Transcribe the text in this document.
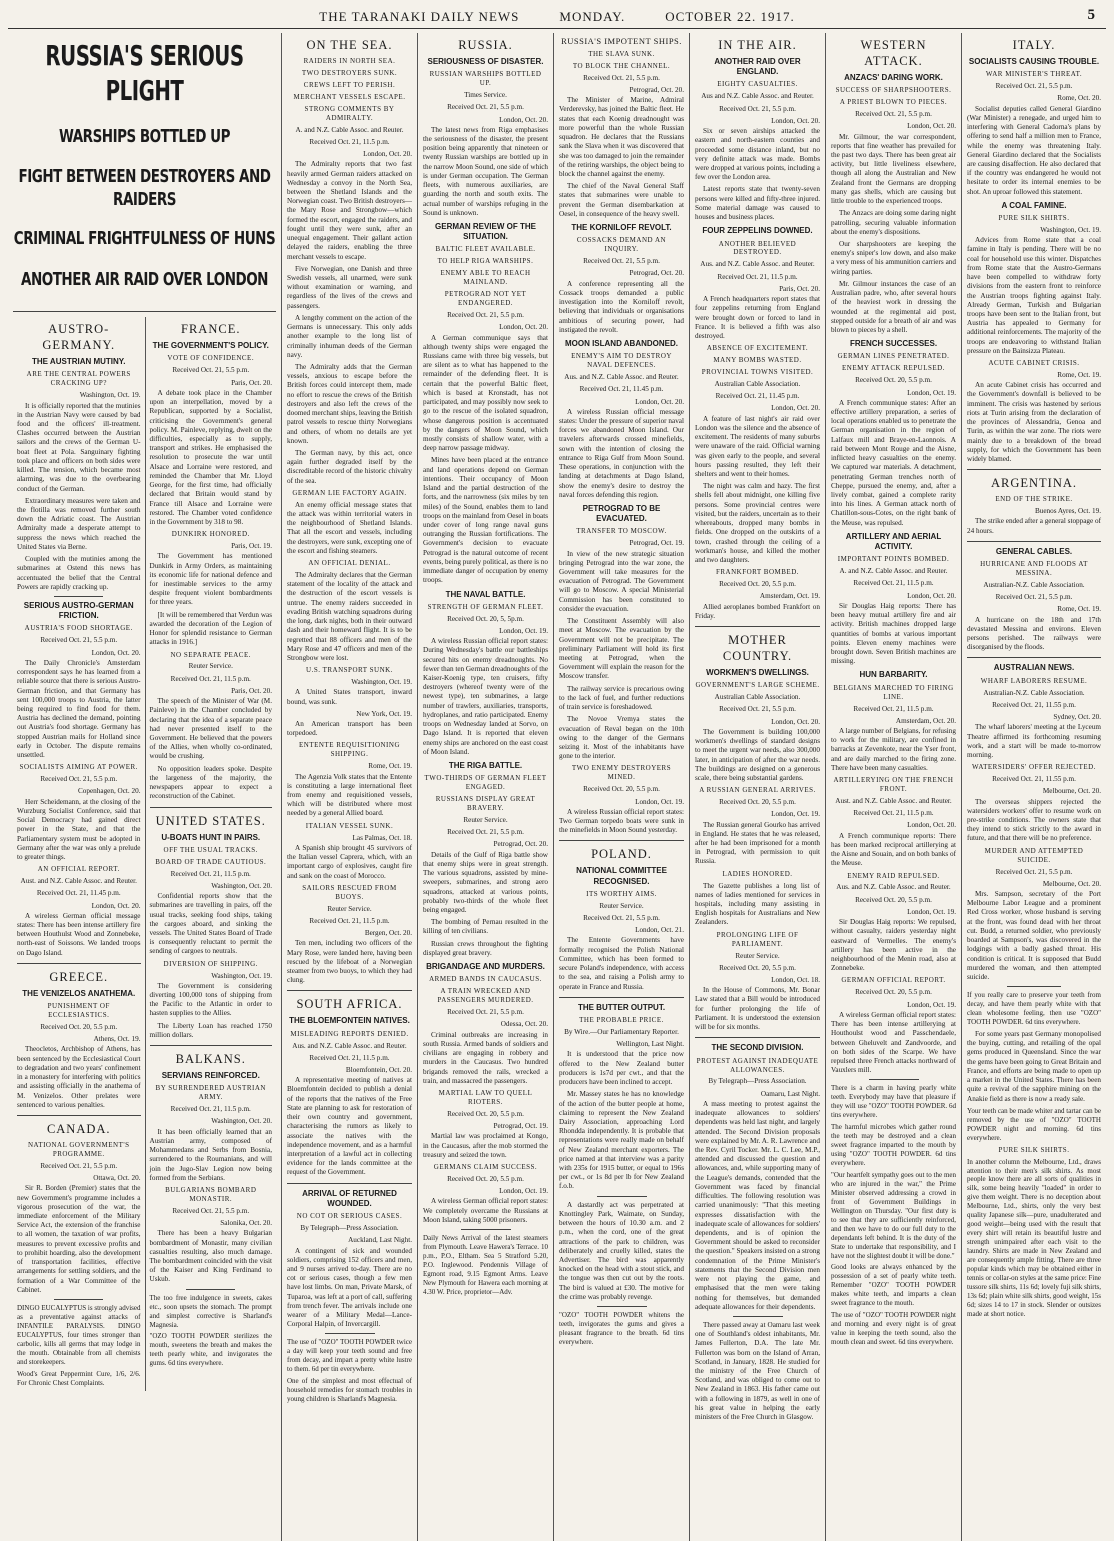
THE TARANAKI DAILY NEWS	MONDAY.	OCTOBER 22. 1917.	5
RUSSIA'S SERIOUS PLIGHT
WARSHIPS BOTTLED UP
FIGHT BETWEEN DESTROYERS AND RAIDERS
CRIMINAL FRIGHTFULNESS OF HUNS
ANOTHER AIR RAID OVER LONDON
AUSTRO-GERMANY.
THE AUSTRIAN MUTINY.
ARE THE CENTRAL POWERS CRACKING UP?
Washington, Oct. 19.

It is officially reported that the mutinies in the Austrian Navy were caused by bad food and the officers' ill-treatment. Clashes occurred between the Austrian sailors and the crews of the German U-boat fleet at Pola. Sanguinary fighting took place and officers on both sides were killed. The tension, which became most alarming, was due to the overbearing conduct of the German.

Extraordinary measures were taken and the flotilla was removed further south down the Adriatic coast. The Austrian Admiralty made a desperate attempt to suppress the news which reached the United States via Berne.

Coupled with the mutinies among the submarines at Ostend this news has accentuated the belief that the Central Powers are rapidly cracking up.

SERIOUS AUSTRO-GERMAN FRICTION.
AUSTRIA'S FOOD SHORTAGE.
Received Oct. 21, 5.5 p.m.
London, Oct. 20.

The Daily Chronicle's Amsterdam correspondent says he has learned from a reliable source that there is serious Austro-German friction, and that Germany has sent 100,000 troops to Austria, the latter being required to find food for them. Austria has declined the demand, pointing out Austria's food shortage. Germany has stopped Austrian mails for Holland since early in October. The dispute remains unsettled.

SOCIALISTS AIMING AT POWER.
Received Oct. 21, 5.5 p.m.
Copenhagen, Oct. 20.

Herr Scheidemann, at the closing of the Wurzburg Socialist Conference, said that Social Democracy had gained direct power in the State, and that the Parliamentary system must be adopted in Germany after the war was only a prelude to greater things.

AN OFFICIAL REPORT.
Aust. and N.Z. Cable Assoc. and Reuter.
Received Oct. 21, 11.45 p.m.
London, Oct. 20.

A wireless German official message states: There has been intense artillery fire between Houthulst Wood and Zonnebeke, north-east of Soissons. We landed troops on Dago Island.

GREECE.
THE VENIZELOS ANATHEMA.
PUNISHMENT OF ECCLESIASTICS.
Received Oct. 20, 5.5 p.m.
Athens, Oct. 19.

Theocletos, Archbishop of Athens, has been sentenced by the Ecclesiastical Court to degradation and two years' confinement in a monastery for interfering with politics and assisting officially in the anathema of M. Venizelos. Other prelates were sentenced to various penalties.

CANADA.
NATIONAL GOVERNMENT'S PROGRAMME.
Received Oct. 21, 5.5 p.m.
Ottawa, Oct. 20.

Sir R. Borden (Premier) states that the new Government's programme includes a vigorous prosecution of the war, the immediate enforcement of the Military Service Act, the extension of the franchise to all women, the taxation of war profits, measures to prevent excessive profits and to prohibit hoarding, also the development of transportation facilities, effective arrangements for settling soldiers, and the formation of a War Committee of the Cabinet.

DINGO EUCALYPTUS is strongly advised as a preventative against attacks of INFANTILE PARALYSIS. DINGO EUCALYPTUS, four times stronger than carbolic, kills all germs that may lodge in the mouth. Obtainable from all chemists and storekeepers.

Wood's Great Peppermint Cure, 1/6, 2/6. For Chronic Chest Complaints.

FRANCE.
THE GOVERNMENT'S POLICY.
VOTE OF CONFIDENCE.
Received Oct. 21, 5.5 p.m.
Paris, Oct. 20.

A debate took place in the Chamber upon an interpellation, moved by a Republican, supported by a Socialist, criticising the Government's general policy. M. Painleve, replying, dwelt on the difficulties, especially as to supply, transport and strikes. He emphasised the resolution to prosecute the war until Alsace and Lorraine were restored, and reminded the Chamber that Mr. Lloyd George, for the first time, had officially declared that Britain would stand by France till Alsace and Lorraine were restored. The Chamber voted confidence in the Government by 318 to 98.

DUNKIRK HONORED.
Paris, Oct. 19.

The Government has mentioned Dunkirk in Army Orders, as maintaining its economic life for national defence and for inestimable services to the army despite frequent violent bombardments for three years.

[It will be remembered that Verdun was awarded the decoration of the Legion of Honor for splendid resistance to German attacks in 1916.]

NO SEPARATE PEACE.
Reuter Service.
Received Oct. 21, 11.5 p.m.
Paris, Oct. 20.

The speech of the Minister of War (M. Painleve) in the Chamber concluded by declaring that the idea of a separate peace had never presented itself to the Government. He believed that the powers of the Allies, when wholly co-ordinated, would be crushing.

No opposition leaders spoke. Despite the largeness of the majority, the newspapers appear to expect a reconstruction of the Cabinet.

UNITED STATES.
U-BOATS HUNT IN PAIRS.
OFF THE USUAL TRACKS.
BOARD OF TRADE CAUTIOUS.
Received Oct. 21, 11.5 p.m.
Washington, Oct. 20.

Confidential reports show that the submarines are travelling in pairs, off the usual tracks, seeking food ships, taking the cargoes aboard, and sinking the vessels. The United States Board of Trade is consequently reluctant to permit the sending of cargoes to neutrals.

DIVERSION OF SHIPPING.
Washington, Oct. 19.

The Government is considering diverting 100,000 tons of shipping from the Pacific to the Atlantic in order to hasten supplies to the Allies.

The Liberty Loan has reached 1750 million dollars.

BALKANS.
SERVIANS REINFORCED.
BY SURRENDERED AUSTRIAN ARMY.
Received Oct. 21, 11.5 p.m.
Washington, Oct. 20.

It has been officially learned that an Austrian army, composed of Mohammedans and Serbs from Bosnia, surrendered to the Roumanians, and will join the Jugo-Slav Legion now being formed from the Serbians.

BULGARIANS BOMBARD MONASTIR.
Received Oct. 21, 5.5 p.m.
Salonika, Oct. 20.

There has been a heavy Bulgarian bombardment of Monastir, many civilian casualties resulting, also much damage. The bombardment coincided with the visit of the Kaiser and King Ferdinand to Uskub.

The too free indulgence in sweets, cakes etc., soon upsets the stomach. The prompt and simplest corrective is Sharland's Magnesia.

"OZO TOOTH POWDER sterilizes the mouth, sweetens the breath and makes the teeth pearly white, and invigorates the gums. 6d tins everywhere.

ON THE SEA.
RAIDERS IN NORTH SEA.
TWO DESTROYERS SUNK.
CREWS LEFT TO PERISH.
MERCHANT VESSELS ESCAPE.
STRONG COMMENTS BY ADMIRALTY.
A. and N.Z. Cable Assoc. and Reuter.
Received Oct. 21, 11.5 p.m.
London, Oct. 20.

The Admiralty reports that two fast heavily armed German raiders attacked on Wednesday a convoy in the North Sea, between the Shetland Islands and the Norwegian coast. Two British destroyers—the Mary Rose and Strongbow—which formed the escort, engaged the raiders, and fought until they were sunk, after an unequal engagement. Their gallant action delayed the raiders, enabling the three merchant vessels to escape.

Five Norwegian, one Danish and three Swedish vessels, all unarmed, were sunk without examination or warning, and regardless of the lives of the crews and passengers.

A lengthy comment on the action of the Germans is unnecessary. This only adds another example to the long list of criminally inhuman deeds of the German navy.

The Admiralty adds that the German vessels, anxious to escape before the British forces could intercept them, made no effort to rescue the crews of the British destroyers and also left the crews of the doomed merchant ships, leaving the British patrol vessels to rescue thirty Norwegians and others, of whom no details are yet known.

The German navy, by this act, once again further degraded itself by the discreditable record of the historic chivalry of the sea.

GERMAN LIE FACTORY AGAIN.

An enemy official message states that the attack was within territorial waters in the neighbourhood of Shetland Islands. That all the escort and vessels, including the destroyers, were sunk, excepting one of the escort and fishing steamers.

AN OFFICIAL DENIAL.

The Admiralty declares that the German statement of the locality of the attack and the destruction of the escort vessels is untrue. The enemy raiders succeeded in evading British watching squadrons during the long, dark nights, both in their outward dash and their homeward flight. It is to be regretted that 88 officers and men of the Mary Rose and 47 officers and men of the Strongbow were lost.

U.S. TRANSPORT SUNK.
Washington, Oct. 19.

A United States transport, inward bound, was sunk.

New York, Oct. 19.

An American transport has been torpedoed.

ENTENTE REQUISITIONING SHIPPING.
Rome, Oct. 19.

The Agenzia Volk states that the Entente is constituting a large international fleet from enemy and requisitioned vessels, which will be distributed where most needed by a general Allied board.

ITALIAN VESSEL SUNK.
Las Palmas, Oct. 18.

A Spanish ship brought 45 survivors of the Italian vessel Caprera, which, with an important cargo of explosives, caught fire and sank on the coast of Morocco.

SAILORS RESCUED FROM BUOYS.
Reuter Service.
Received Oct. 21, 11.5 p.m.
Bergen, Oct. 20.

Ten men, including two officers of the Mary Rose, were landed here, having been rescued by the lifeboat of a Norwegian steamer from two buoys, to which they had clung.

SOUTH AFRICA.
THE BLOEMFONTEIN NATIVES.
MISLEADING REPORTS DENIED.
Aus. and N.Z. Cable Assoc. and Reuter.
Received Oct. 21, 11.5 p.m.
Bloemfontein, Oct. 20.

A representative meeting of natives at Bloemfontein decided to publish a denial of the reports that the natives of the Free State are planning to ask for restoration of their own country and government, characterising the rumors as likely to associate the natives with the independence movement, and as a harmful interpretation of a lawful act in collecting evidence for the lands committee at the request of the Government.

ARRIVAL OF RETURNED WOUNDED.
NO COT OR SERIOUS CASES.
By Telegraph—Press Association.
Auckland, Last Night.

A contingent of sick and wounded soldiers, comprising 152 officers and men, and 9 nurses arrived to-day. There are no cot or serious cases, though a few men have lost limbs. On man, Private Marsk, of Tuparoa, was left at a port of call, suffering from trench fever. The arrivals include one wearer of a Military Medal—Lance-Corporal Halpin, of Invercargill.

The use of "OZO" TOOTH POWDER twice a day will keep your teeth sound and free from decay, and impart a pretty white lustre to them. 6d per tin everywhere.

One of the simplest and most effectual of household remedies for stomach troubles in young children is Sharland's Magnesia.

RUSSIA.
SERIOUSNESS OF DISASTER.
RUSSIAN WARSHIPS BOTTLED UP.
Times Service.
Received Oct. 21, 5.5 p.m.
London, Oct. 20.

The latest news from Riga emphasises the seriousness of the disaster, the present position being apparently that nineteen or twenty Russian warships are bottled up in the narrow Moon Sound, one side of which is under German occupation. The German fleets, with numerous auxiliaries, are guarding the north and south exits. The actual number of warships refuging in the Sound is unknown.

GERMAN REVIEW OF THE SITUATION.
BALTIC FLEET AVAILABLE.
TO HELP RIGA WARSHIPS.
ENEMY ABLE TO REACH MAINLAND.
PETROGRAD NOT YET ENDANGERED.
Received Oct. 21, 5.5 p.m.
London, Oct. 20.

A German communique says that although twenty ships were engaged the Russians came with three big vessels, but are silent as to what has happened to the remainder of the defending fleet. It is certain that the powerful Baltic fleet, which is based at Kronstadt, has not participated, and may possibly now seek to go to the rescue of the isolated squadron, whose dangerous position is accentuated by the dangers of Moon Sound, which mostly consists of shallow water, with a deep narrow passage midway.

Mines have been placed at the entrance and land operations depend on German intentions. Their occupancy of Moon Island and the partial destruction of the forts, and the narrowness (six miles by ten miles) of the Sound, enables them to land troops on the mainland from Oesel in boats under cover of long range naval guns outranging the Russian fortifications. The Government's decision to evacuate Petrograd is the natural outcome of recent events, being purely political, as there is no immediate danger of occupation by enemy troops.

THE NAVAL BATTLE.
STRENGTH OF GERMAN FLEET.
Received Oct. 20, 5, 5p.m.
London, Oct. 19.

A wireless Russian official report states: During Wednesday's battle our battleships secured hits on enemy dreadnoughts. No fewer than ten German dreadnoughts of the Kaiser-Koenig type, ten cruisers, fifty destroyers (whereof twenty were of the newest type), ten submarines, a large number of trawlers, auxiliaries, transports, hydroplanes, and ratio participated. Enemy troops on Wednesday landed at Sorvo, on Dago Island. It is reported that eleven enemy ships are anchored on the east coast of Moon Island.

THE RIGA BATTLE.
TWO-THIRDS OF GERMAN FLEET ENGAGED.
RUSSIANS DISPLAY GREAT BRAVERY.
Reuter Service.
Received Oct. 21, 5.5 p.m.
Petrograd, Oct. 20.

Details of the Gulf of Riga battle show that enemy ships were in great strength. The various squadrons, assisted by mine-sweepers, submarines, and strong aero squadrons, attacked at various points, probably two-thirds of the whole fleet being engaged.

The bombing of Pernau resulted in the killing of ten civilians.

Russian crews throughout the fighting displayed great bravery.

BRIGANDAGE AND MURDERS.
ARMED BANDS IN CAUCASUS.
A TRAIN WRECKED AND PASSENGERS MURDERED.
Received Oct. 21, 5.5 p.m.
Odessa, Oct. 20.

Criminal outbreaks are increasing in south Russia. Armed bands of soldiers and civilians are engaging in robbery and murders in the Caucasus. Two hundred brigands removed the rails, wrecked a train, and massacred the passengers.

MARTIAL LAW TO QUELL RIOTERS.
Received Oct. 20, 5.5 p.m.
Petrograd, Oct. 19.

Martial law was proclaimed at Kongo, in the Caucasus, after the mob stormed the treasury and seized the town.

GERMANS CLAIM SUCCESS.
Received Oct. 20, 5.5 p.m.
London, Oct. 19.

A wireless German official report states: We completely overcame the Russians at Moon Island, taking 5000 prisoners.

Daily News Arrival of the latest steamers from Plymouth. Leave Hawera's Terrace. 10 p.m., P.O., Eltham. Sea 5 Stratford 5.20, P.O. Inglewood. Pendennis Village of Egmont road, 9.15 Egmont Arms. Leave New Plymouth for Hawera each morning at 4.30 W. Price, proprietor—Adv.

RUSSIA'S IMPOTENT SHIPS.
THE SLAVA SUNK.
TO BLOCK THE CHANNEL.
Received Oct. 21, 5.5 p.m.
Petrograd, Oct. 20.

The Minister of Marine, Admiral Verderevsky, has joined the Baltic fleet. He states that each Koenig dreadnought was more powerful than the whole Russian squadron. He declares that the Russians sank the Slava when it was discovered that she was too damaged to join the remainder of the retiring warships, the object being to block the channel against the enemy.

The chief of the Naval General Staff states that submarines were unable to prevent the German disembarkation at Oesel, in consequence of the heavy swell.

THE KORNILOFF REVOLT.
COSSACKS DEMAND AN INQUIRY.
Received Oct. 21, 5.5 p.m.
Petrograd, Oct. 20.

A conference representing all the Cossack troops demanded a public investigation into the Korniloff revolt, believing that individuals or organisations ambitious of securing power, had instigated the revolt.

MOON ISLAND ABANDONED.
ENEMY'S AIM TO DESTROY NAVAL DEFENCES.
Aus. and N.Z. Cable Assoc. and Reuter.
Received Oct. 21, 11.45 p.m.
London, Oct. 20.

A wireless Russian official message states: Under the pressure of superior naval forces we abandoned Moon Island. Our travelers afterwards crossed minefields, sown with the intention of closing the entrance to Riga Gulf from Moon Sound. These operations, in conjunction with the landing at detachments at Dago Island, show the enemy's desire to destroy the naval forces defending this region.

PETROGRAD TO BE EVACUATED.
TRANSFER TO MOSCOW.
Petrograd, Oct. 19.

In view of the new strategic situation bringing Petrograd into the war zone, the Government will take measures for the evacuation of Petrograd. The Government will go to Moscow. A special Ministerial Commission has been constituted to consider the evacuation.

The Constituent Assembly will also meet at Moscow. The evacuation by the Government will not be precipitate. The preliminary Parliament will hold its first meeting at Petrograd, when the Government will explain the reason for the Moscow transfer.

The railway service is precarious owing to the lack of fuel, and further reductions of train service is foreshadowed.

The Novoe Vremya states the evacuation of Reval began on the 10th owing to the danger of the Germans seizing it. Most of the inhabitants have gone to the interior.

TWO ENEMY DESTROYERS MINED.
Received Oct. 20, 5.5 p.m.
London, Oct. 19.

A wireless Russian official report states: Two German torpedo boats were sunk in the minefields in Moon Sound yesterday.

POLAND.
NATIONAL COMMITTEE RECOGNISED.
ITS WORTHY AIMS.
Reuter Service.
Received Oct. 21, 5.5 p.m.
London, Oct. 21.

The Entente Governments have formally recognised the Polish National Committee, which has been formed to secure Poland's independence, with access to the sea, and raising a Polish army to operate in France and Russia.

THE BUTTER OUTPUT.
THE PROBABLE PRICE.
By Wire.—Our Parliamentary Reporter.
Wellington, Last Night.

It is understood that the price now offered to the New Zealand butter producers is 1s7d per cwt., and that the producers have been inclined to accept.

Mr. Massey states he has no knowledge of the action of the butter people at home, claiming to represent the New Zealand Dairy Association, approaching Lord Rhondda independently. It is probable that representations were really made on behalf of New Zealand merchant exporters. The price named at that interview was a parity with 235s for 1915 butter, or equal to 196s per cwt., or 1s 8d per lb for New Zealand f.o.b.

A dastardly act was perpetrated at Knottingley Park, Waimate, on Sunday, between the hours of 10.30 a.m. and 2 p.m., when the cord, one of the great attractions of the park to children, was deliberately and cruelly killed, states the Advertiser. The bird was apparently knocked on the head with a stout stick, and the tongue was then cut out by the roots. The bird is valued at £30. The motive for the crime was probably revenge.

"OZO" TOOTH POWDER whitens the teeth, invigorates the gums and gives a pleasant fragrance to the breath. 6d tins everywhere.

IN THE AIR.
ANOTHER RAID OVER ENGLAND.
EIGHTY CASUALTIES.
Aus and N.Z. Cable Assoc. and Reuter.
Received Oct. 21, 5.5 p.m.
London, Oct. 20.

Six or seven airships attacked the eastern and north-eastern counties and proceeded some distance inland, but no very definite attack was made. Bombs were dropped at various points, including a few over the London area.

Latest reports state that twenty-seven persons were killed and fifty-three injured. Some material damage was caused to houses and business places.

FOUR ZEPPELINS DOWNED.
ANOTHER BELIEVED DESTROYED.
Aus. and N.Z. Cable Assoc. and Reuter.
Received Oct. 21, 11.5 p.m.
Paris, Oct. 20.

A French headquarters report states that four zeppelins returning from England were brought down or forced to land in France. It is believed a fifth was also destroyed.

ABSENCE OF EXCITEMENT.
MANY BOMBS WASTED.
PROVINCIAL TOWNS VISITED.
Australian Cable Association.
Received Oct. 21, 11.45 p.m.
London, Oct. 20.

A feature of last night's air raid over London was the silence and the absence of excitement. The residents of many suburbs were unaware of the raid. Official warning was given early to the people, and several hours passing resulted, they left their shelters and went to their homes.

The night was calm and hazy. The first shells fell about midnight, one killing five persons. Some provincial centres were visited, but the raiders, uncertain as to their whereabouts, dropped many bombs in fields. One dropped on the outskirts of a town, crashed through the ceiling of a workman's house, and killed the mother and two daughters.

FRANKFORT BOMBED.
Received Oct. 20, 5.5 p.m.
Amsterdam, Oct. 19.

Allied aeroplanes bombed Frankfort on Friday.

MOTHER COUNTRY.
WORKMEN'S DWELLINGS.
GOVERNMENT'S LARGE SCHEME.
Australian Cable Association.
Received Oct. 21, 5.5 p.m.
London, Oct. 20.

The Government is building 100,000 workmen's dwellings of standard designs to meet the urgent war needs, also 300,000 later, in anticipation of after the war needs. The buildings are designed on a generous scale, there being substantial gardens.

A RUSSIAN GENERAL ARRIVES.
Received Oct. 20, 5.5 p.m.
London, Oct. 19.

The Russian general Gourko has arrived in England. He states that he was released, after he had been imprisoned for a month in Petrograd, with permission to quit Russia.

LADIES HONORED.

The Gazette publishes a long list of names of ladies mentioned for services in hospitals, including many assisting in English hospitals for Australians and New Zealanders.

PROLONGING LIFE OF PARLIAMENT.
Reuter Service.
Received Oct. 20, 5.5 p.m.
London, Oct. 18.

In the House of Commons, Mr. Bonar Law stated that a Bill would be introduced for further prolonging the life of Parliament. It is understood the extension will be for six months.

THE SECOND DIVISION.
PROTEST AGAINST INADEQUATE ALLOWANCES.
By Telegraph—Press Association.
Oamaru, Last Night.

A mass meeting to protest against the inadequate allowances to soldiers' dependents was held last night, and largely attended. The Second Division proposals were explained by Mr. A. R. Lawrence and the Rev. Cyril Tocker. Mr. L. C. Lee, M.P., attended and discussed the question and allowances, and, while supporting many of the League's demands, contended that the Government was faced by financial difficulties. The following resolution was carried unanimously: "That this meeting expresses dissatisfaction with the inadequate scale of allowances for soldiers' dependents, and is of opinion the Government should be asked to reconsider the question." Speakers insisted on a strong condemnation of the Prime Minister's statements that the Second Division men were not playing the game, and emphasised that the men were taking nothing for themselves, but demanded adequate allowances for their dependents.

There passed away at Oamaru last week one of Southland's oldest inhabitants, Mr. James Fullerton, D.A. The late Mr. Fullerton was born on the Island of Arran, Scotland, in January, 1828. He studied for the ministry of the Free Church of Scotland, and was obliged to come out to New Zealand in 1863. His father came out with a following in 1879, as well in one of his great value in helping the early ministers of the Free Church in Glasgow.

WESTERN ATTACK.
ANZACS' DARING WORK.
SUCCESS OF SHARPSHOOTERS.
A PRIEST BLOWN TO PIECES.
Received Oct. 21, 5.5 p.m.
London, Oct. 20.

Mr. Gilmour, the war correspondent, reports that fine weather has prevailed for the past two days. There has been great air activity, but little liveliness elsewhere, though all along the Australian and New Zealand front the Germans are dropping many gas shells, which are causing but little trouble to the experienced troops.

The Anzacs are doing some daring night patrolling, securing valuable information about the enemy's dispositions.

Our sharpshooters are keeping the enemy's sniper's low down, and also make a very mess of his ammunition carriers and wiring parties.

Mr. Gilmour instances the case of an Australian padre, who, after several hours of the heaviest work in dressing the wounded at the regimental aid post, stepped outside for a breath of air and was blown to pieces by a shell.

FRENCH SUCCESSES.
GERMAN LINES PENETRATED.
ENEMY ATTACK REPULSED.
Received Oct. 20, 5.5 p.m.
London, Oct. 19.

A French communique states: After an effective artillery preparation, a series of local operations enabled us to penetrate the German organisation in the region of Lalfaux mill and Braye-en-Laonnois. A raid between Mont Rouge and the Aisne, inflicted heavy casualties on the enemy. We captured war materials. A detachment, penetrating German trenches north of Cheppe, pursued the enemy, and, after a lively combat, gained a complete rarity into his lines. A German attack north of Chatillon-sous-Cotes, on the right bank of the Meuse, was repulsed.

ARTILLERY AND AERIAL ACTIVITY.
IMPORTANT POINTS BOMBED.
A. and N.Z. Cable Assoc. and Reuter.
Received Oct. 21, 11.5 p.m.
London, Oct. 20.

Sir Douglas Haig reports: There has been heavy mutual artillery fire and air activity. British machines dropped large quantities of bombs at various important points. Eleven enemy machines were brought down. Seven British machines are missing.

HUN BARBARITY.
BELGIANS MARCHED TO FIRING LINE.
Received Oct. 21, 11.5 p.m.
Amsterdam, Oct. 20.

A large number of Belgians, for refusing to work for the military, are confined in barracks at Zevenkote, near the Yser front, and are daily marched to the firing zone. There have been many casualties.

ARTILLERYING ON THE FRENCH FRONT.
Aust. and N.Z. Cable Assoc. and Reuter.
Received Oct. 21, 11.5 p.m.
London, Oct. 20.

A French communique reports: There has been marked reciprocal artillerying at the Aisne and Souain, and on both banks of the Meuse.

ENEMY RAID REPULSED.
Aus. and N.Z. Cable Assoc. and Reuter.
Received Oct. 20, 5.5 p.m.
London, Oct. 19.

Sir Douglas Haig reports: We repulsed, without casualty, raiders yesterday night eastward of Vermelles. The enemy's artillery has been active in the neighbourhood of the Menin road, also at Zonnebeke.

GERMAN OFFICIAL REPORT.
Received Oct. 20, 5.5 p.m.
London, Oct. 19.

A wireless German official report states: There has been intense artillerying at Houthoulst wood and Passchendaele, between Gheluvelt and Zandvoorde, and on both sides of the Scarpe. We have repulsed three French attacks northward of Vauxlers mill.

There is a charm in having pearly white teeth. Everybody may have that pleasure if they will use "OZO" TOOTH POWDER. 6d tins everywhere.

The harmful microbes which gather round the teeth may be destroyed and a clean sweet fragrance imparted to the mouth by using "OZO" TOOTH POWDER. 6d tins everywhere.

"Our heartfelt sympathy goes out to the men who are injured in the war," the Prime Minister observed addressing a crowd in front of Government Buildings in Wellington on Thursday. "Our first duty is to see that they are sufficiently reinforced, and then we have to do our full duty to the dependants left behind. It is the duty of the State to undertake that responsibility, and I have not the slightest doubt it will be done."

Good looks are always enhanced by the possession of a set of pearly white teeth. Remember "OZO" TOOTH POWDER makes white teeth, and imparts a clean sweet fragrance to the mouth.

The use of "OZO" TOOTH POWDER night and morning and every night is of great value in keeping the teeth sound, also the mouth clean and sweet. 6d tins everywhere.

ITALY.
SOCIALISTS CAUSING TROUBLE.
WAR MINISTER'S THREAT.
Received Oct. 21, 5.5 p.m.
Rome, Oct. 20.

Socialist deputies called General Giardino (War Minister) a renegade, and urged him to interfering with General Cadorna's plans by offering to send half a million men to France, while the enemy was threatening Italy. General Giardino declared that the Socialists are causing disaffection. He also declared that if the country was endangered he would not hesitate to order its internal enemies to be shot. An uproar followed this statement.

A COAL FAMINE.
PURE SILK SHIRTS.
Washington, Oct. 19.

Advices from Rome state that a coal famine in Italy is pending. There will be no coal for household use this winter. Dispatches from Rome state that the Austro-Germans have been compelled to withdraw forty divisions from the eastern front to reinforce the Austrian troops fighting against Italy. Already German, Turkish and Bulgarian troops have been sent to the Italian front, but Austria has appealed to Germany for additional reinforcements. The majority of the troops are endeavoring to withstand Italian pressure on the Bainsizza Plateau.

ACUTE CABINET CRISIS.
Rome, Oct. 19.

An acute Cabinet crisis has occurred and the Government's downfall is believed to be imminent. The crisis was hastened by serious riots at Turin arising from the declaration of the provinces of Alessandria, Genoa and Turin, as within the war zone. The riots were mainly due to a breakdown of the bread supply, for which the Government has been widely blamed.

ARGENTINA.
END OF THE STRIKE.
Buenos Ayres, Oct. 19.

The strike ended after a general stoppage of 24 hours.

GENERAL CABLES.
HURRICANE AND FLOODS AT MESSINA.
Australian-N.Z. Cable Association.
Received Oct. 21, 5.5 p.m.
Rome, Oct. 19.

A hurricane on the 18th and 17th devastated Messina and environs. Eleven persons perished. The railways were disorganised by the floods.

AUSTRALIAN NEWS.
WHARF LABORERS RESUME.
Australian-N.Z. Cable Association.
Received Oct. 21, 11.55 p.m.
Sydney, Oct. 20.

The wharf laborers' meeting at the Lyceum Theatre affirmed its forthcoming resuming work, and a start will be made to-morrow morning.

WATERSIDERS' OFFER REJECTED.
Received Oct. 21, 11.55 p.m.
Melbourne, Oct. 20.

The overseas shippers rejected the watersiders workers' offer to resume work on pre-strike conditions. The owners state that they intend to stick strictly to the award in future, and that there will be no preference.

MURDER AND ATTEMPTED SUICIDE.
Received Oct. 21, 5.5 p.m.
Melbourne, Oct. 20.

Mrs. Sampson, secretary of the Port Melbourne Labor League and a prominent Red Cross worker, whose husband is serving at the front, was found dead with her throat cut. Budd, a returned soldier, who previously boarded at Sampson's, was discovered in the lodgings with a badly gashed throat. His condition is critical. It is supposed that Budd murdered the woman, and then attempted suicide.

If you really care to preserve your teeth from decay, and have them pearly white with that clean wholesome feeling, then use "OZO" TOOTH POWDER. 6d tins everywhere.

For some years past Germany monopolised the buying, cutting, and retailing of the opal gems produced in Queensland. Since the war the gems have been going to Great Britain and France, and efforts are being made to open up a market in the United States. There has been quite a revival of the sapphire mining on the Anakie field as there is now a ready sale.

Your teeth can be made whiter and tartar can be removed by the use of "OZO" TOOTH POWDER night and morning. 6d tins everywhere.

PURE SILK SHIRTS.

In another column the Melbourne, Ltd., draws attention to their men's silk shirts. As most people know there are all sorts of qualities in silk, some being heavily "loaded" in order to give them weight. There is no deception about Melbourne, Ltd., shirts, only the very best quality Japanese silk—pure, unadulterated and good weight—being used with the result that every shirt will retain its beautiful lustre and strength unimpaired after each visit to the laundry. Shirts are made in New Zealand and are consequently ample fitting. There are three popular kinds which may be obtained either in tennis or collar-on styles at the same price: Fine tussore silk shirts, 11s 6d; lovely fuji silk shirts, 13s 6d; plain white silk shirts, good weight, 15s 6d; sizes 14 to 17 in stock. Slender or outsizes made at short notice.
